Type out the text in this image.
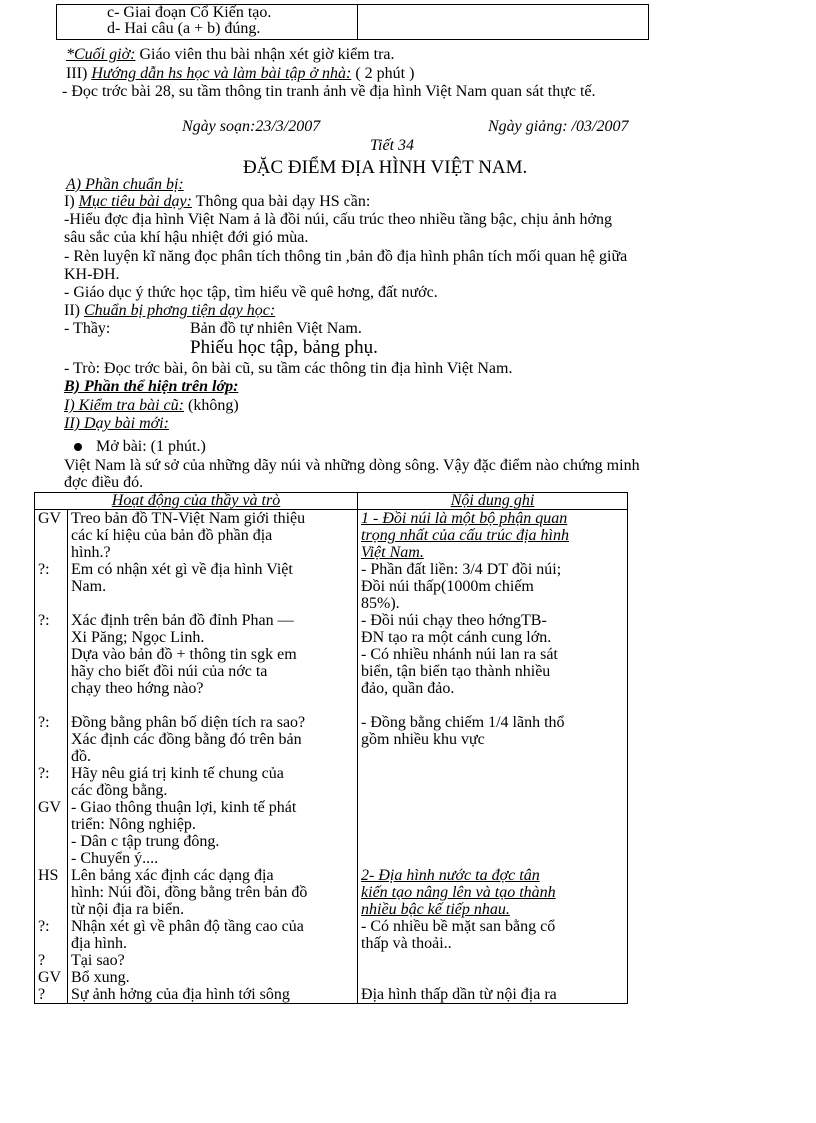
c- Giai đoạn Cổ Kiến tạo.
d- Hai câu (a + b) đúng.

*Cuối giờ: Giáo viên thu bài nhận xét giờ kiểm tra.
III) Hướng dẫn hs học và làm bài tập ở nhà: ( 2 phút )
- Đọc trớc bài 28, su tầm thông tin tranh ảnh về địa hình Việt Nam quan sát thực tế.
Ngày soạn:23/3/2007	Ngày giảng: /03/2007
Tiết 34
ĐẶC ĐIỂM ĐỊA HÌNH VIỆT NAM.
A) Phần chuẩn bị:
I) Mục tiêu bài dạy: Thông qua bài dạy HS cần:
-Hiểu đợc địa hình Việt Nam ả là đồi núi, cấu trúc theo nhiều tầng bậc, chịu ảnh hởng
sâu sắc của khí hậu nhiệt đới gió mùa.
- Rèn luyện kĩ năng đọc phân tích thông tin ,bản đồ địa hình phân tích mối quan hệ giữa
KH-ĐH.
- Giáo dục ý thức học tập, tìm hiểu về quê hơng, đất nước.
II) Chuẩn bị phơng tiện dạy học:
- Thầy:	Bản đồ tự nhiên Việt Nam.
Phiếu học tập, bảng phụ.
- Trò: Đọc trớc bài, ôn bài cũ, su tầm các thông tin địa hình Việt Nam.
B) Phần thể hiện trên lớp:
I) Kiểm tra bài cũ: (không)
II) Dạy bài mới:
Mở bài: (1 phút.)
Việt Nam là sứ sở của những dãy núi và những dòng sông. Vậy đặc điểm nào chứng minh
đợc điều đó.
Hoạt động của thầy và trò		Nội dung ghi
GV	Treo bản đồ TN-Việt Nam giới thiệu
các kí hiệu của bản đồ phần địa
hình.?	1 - Đồi núi là một bộ phận quan
trọng nhất của cấu trúc địa hình
Việt Nam.

?:	Em có nhận xét gì về địa hình Việt
Nam.	- Phần đất liền: 3/4 DT đồi núi;
Đồi núi thấp(1000m chiếm
85%).

?:	Xác định trên bản đồ đỉnh Phan —
Xi Păng; Ngọc Linh.	- Đồi núi chạy theo hớngTB-
ĐN tạo ra một cánh cung lớn.

	Dựa vào bản đồ + thông tin sgk em
hãy cho biết đồi núi của nớc ta
chạy theo hớng nào?	- Có nhiều nhánh núi lan ra sát
biển, tận biển tạo thành nhiều
đảo, quần đảo.

?:	Đồng bằng phân bố diện tích ra sao?
Xác định các đồng bằng đó trên bản
đồ.	- Đồng bằng chiếm 1/4 lãnh thổ
gồm nhiều khu vực

?:	Hãy nêu giá trị kinh tế chung của
các đồng bằng.	

GV	- Giao thông thuận lợi, kinh tế phát
triển: Nông nghiệp.
- Dân c tập trung đông.
- Chuyển ý....	

HS	Lên bảng xác định các dạng địa
hình: Núi đồi, đồng bằng trên bản đồ
từ nội địa ra biển.	2- Địa hình nước ta đợc tân
kiến tạo nâng lên và tạo thành
nhiều bậc kế tiếp nhau.

?:	Nhận xét gì về phân độ tầng cao của
địa hình.	- Có nhiều bề mặt san bằng cổ
thấp và thoải..

?	Tại sao?	

GV	Bổ xung.	

?	Sự ảnh hởng của địa hình tới sông	Địa hình thấp dần từ nội địa ra
